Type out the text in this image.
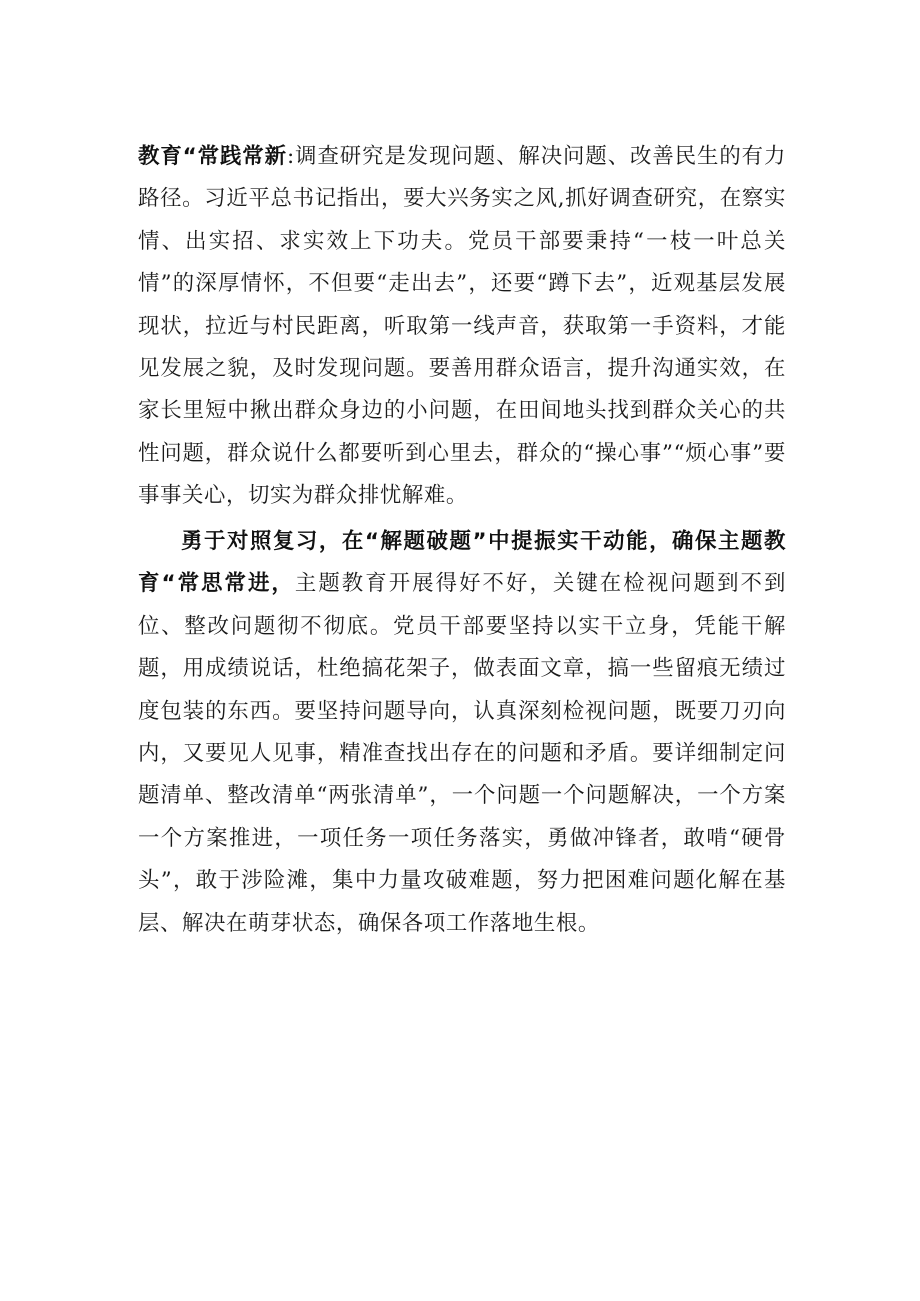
教育“常践常新:调查研究是发现问题、解决问题、改善民生的有力路径。习近平总书记指出，要大兴务实之风,抓好调查研究，在察实情、出实招、求实效上下功夫。党员干部要秉持“一枝一叶总关情”的深厚情怀，不但要“走出去”，还要“蹲下去”，近观基层发展现状，拉近与村民距离，听取第一线声音，获取第一手资料，才能见发展之貌，及时发现问题。要善用群众语言，提升沟通实效，在家长里短中揪出群众身边的小问题，在田间地头找到群众关心的共性问题，群众说什么都要听到心里去，群众的“操心事”“烦心事”要事事关心，切实为群众排忧解难。

勇于对照复习，在“解题破题”中提振实干动能，确保主题教育“常思常进，主题教育开展得好不好，关键在检视问题到不到位、整改问题彻不彻底。党员干部要坚持以实干立身，凭能干解题，用成绩说话，杜绝搞花架子，做表面文章，搞一些留痕无绩过度包装的东西。要坚持问题导向，认真深刻检视问题，既要刀刃向内，又要见人见事，精准查找出存在的问题和矛盾。要详细制定问题清单、整改清单“两张清单”，一个问题一个问题解决，一个方案一个方案推进，一项任务一项任务落实，勇做冲锋者，敢啃“硬骨头”，敢于涉险滩，集中力量攻破难题，努力把困难问题化解在基层、解决在萌芽状态，确保各项工作落地生根。
